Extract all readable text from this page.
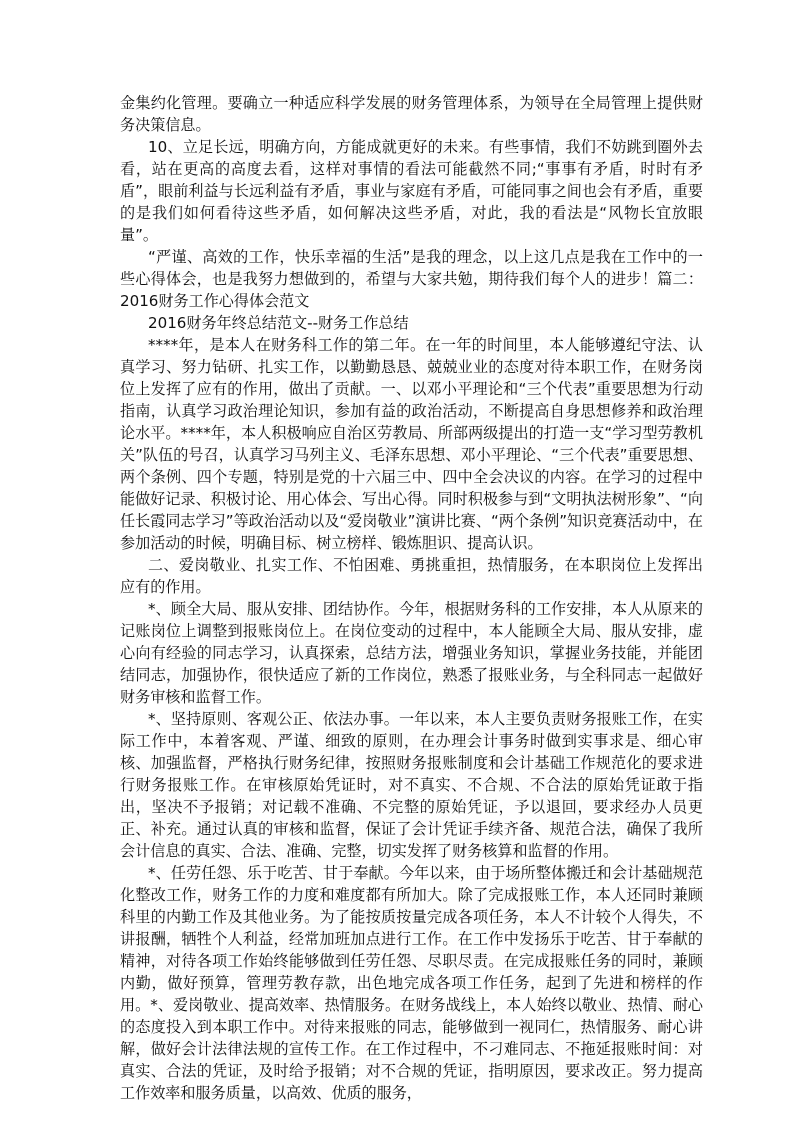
金集约化管理。要确立一种适应科学发展的财务管理体系，为领导在全局管理上提供财务决策信息。

10、立足长远，明确方向，方能成就更好的未来。有些事情，我们不妨跳到圈外去看，站在更高的高度去看，这样对事情的看法可能截然不同;“事事有矛盾，时时有矛盾”，眼前利益与长远利益有矛盾，事业与家庭有矛盾，可能同事之间也会有矛盾，重要的是我们如何看待这些矛盾，如何解决这些矛盾，对此，我的看法是“风物长宜放眼量”。

“严谨、高效的工作，快乐幸福的生活”是我的理念，以上这几点是我在工作中的一些心得体会，也是我努力想做到的，希望与大家共勉，期待我们每个人的进步！篇二：2016财务工作心得体会范文

2016财务年终总结范文--财务工作总结

****年，是本人在财务科工作的第二年。在一年的时间里，本人能够遵纪守法、认真学习、努力钻研、扎实工作，以勤勤恳恳、兢兢业业的态度对待本职工作，在财务岗位上发挥了应有的作用，做出了贡献。一、以邓小平理论和“三个代表”重要思想为行动指南，认真学习政治理论知识，参加有益的政治活动，不断提高自身思想修养和政治理论水平。****年，本人积极响应自治区劳教局、所部两级提出的打造一支“学习型劳教机关”队伍的号召，认真学习马列主义、毛泽东思想、邓小平理论、“三个代表”重要思想、两个条例、四个专题，特别是党的十六届三中、四中全会决议的内容。在学习的过程中能做好记录、积极讨论、用心体会、写出心得。同时积极参与到“文明执法树形象”、“向任长霞同志学习”等政治活动以及“爱岗敬业”演讲比赛、“两个条例”知识竞赛活动中，在参加活动的时候，明确目标、树立榜样、锻炼胆识、提高认识。

二、爱岗敬业、扎实工作、不怕困难、勇挑重担，热情服务，在本职岗位上发挥出应有的作用。

*、顾全大局、服从安排、团结协作。今年，根据财务科的工作安排，本人从原来的记账岗位上调整到报账岗位上。在岗位变动的过程中，本人能顾全大局、服从安排，虚心向有经验的同志学习，认真探索，总结方法，增强业务知识，掌握业务技能，并能团结同志，加强协作，很快适应了新的工作岗位，熟悉了报账业务，与全科同志一起做好财务审核和监督工作。

*、坚持原则、客观公正、依法办事。一年以来，本人主要负责财务报账工作，在实际工作中，本着客观、严谨、细致的原则，在办理会计事务时做到实事求是、细心审核、加强监督，严格执行财务纪律，按照财务报账制度和会计基础工作规范化的要求进行财务报账工作。在审核原始凭证时，对不真实、不合规、不合法的原始凭证敢于指出，坚决不予报销；对记载不准确、不完整的原始凭证，予以退回，要求经办人员更正、补充。通过认真的审核和监督，保证了会计凭证手续齐备、规范合法，确保了我所会计信息的真实、合法、准确、完整，切实发挥了财务核算和监督的作用。

*、任劳任怨、乐于吃苦、甘于奉献。今年以来，由于场所整体搬迁和会计基础规范化整改工作，财务工作的力度和难度都有所加大。除了完成报账工作，本人还同时兼顾科里的内勤工作及其他业务。为了能按质按量完成各项任务，本人不计较个人得失，不讲报酬，牺牲个人利益，经常加班加点进行工作。在工作中发扬乐于吃苦、甘于奉献的精神，对待各项工作始终能够做到任劳任怨、尽职尽责。在完成报账任务的同时，兼顾内勤，做好预算，管理劳教存款，出色地完成各项工作任务，起到了先进和榜样的作用。*、爱岗敬业、提高效率、热情服务。在财务战线上，本人始终以敬业、热情、耐心的态度投入到本职工作中。对待来报账的同志，能够做到一视同仁，热情服务、耐心讲解，做好会计法律法规的宣传工作。在工作过程中，不刁难同志、不拖延报账时间：对真实、合法的凭证，及时给予报销；对不合规的凭证，指明原因，要求改正。努力提高工作效率和服务质量，以高效、优质的服务，
